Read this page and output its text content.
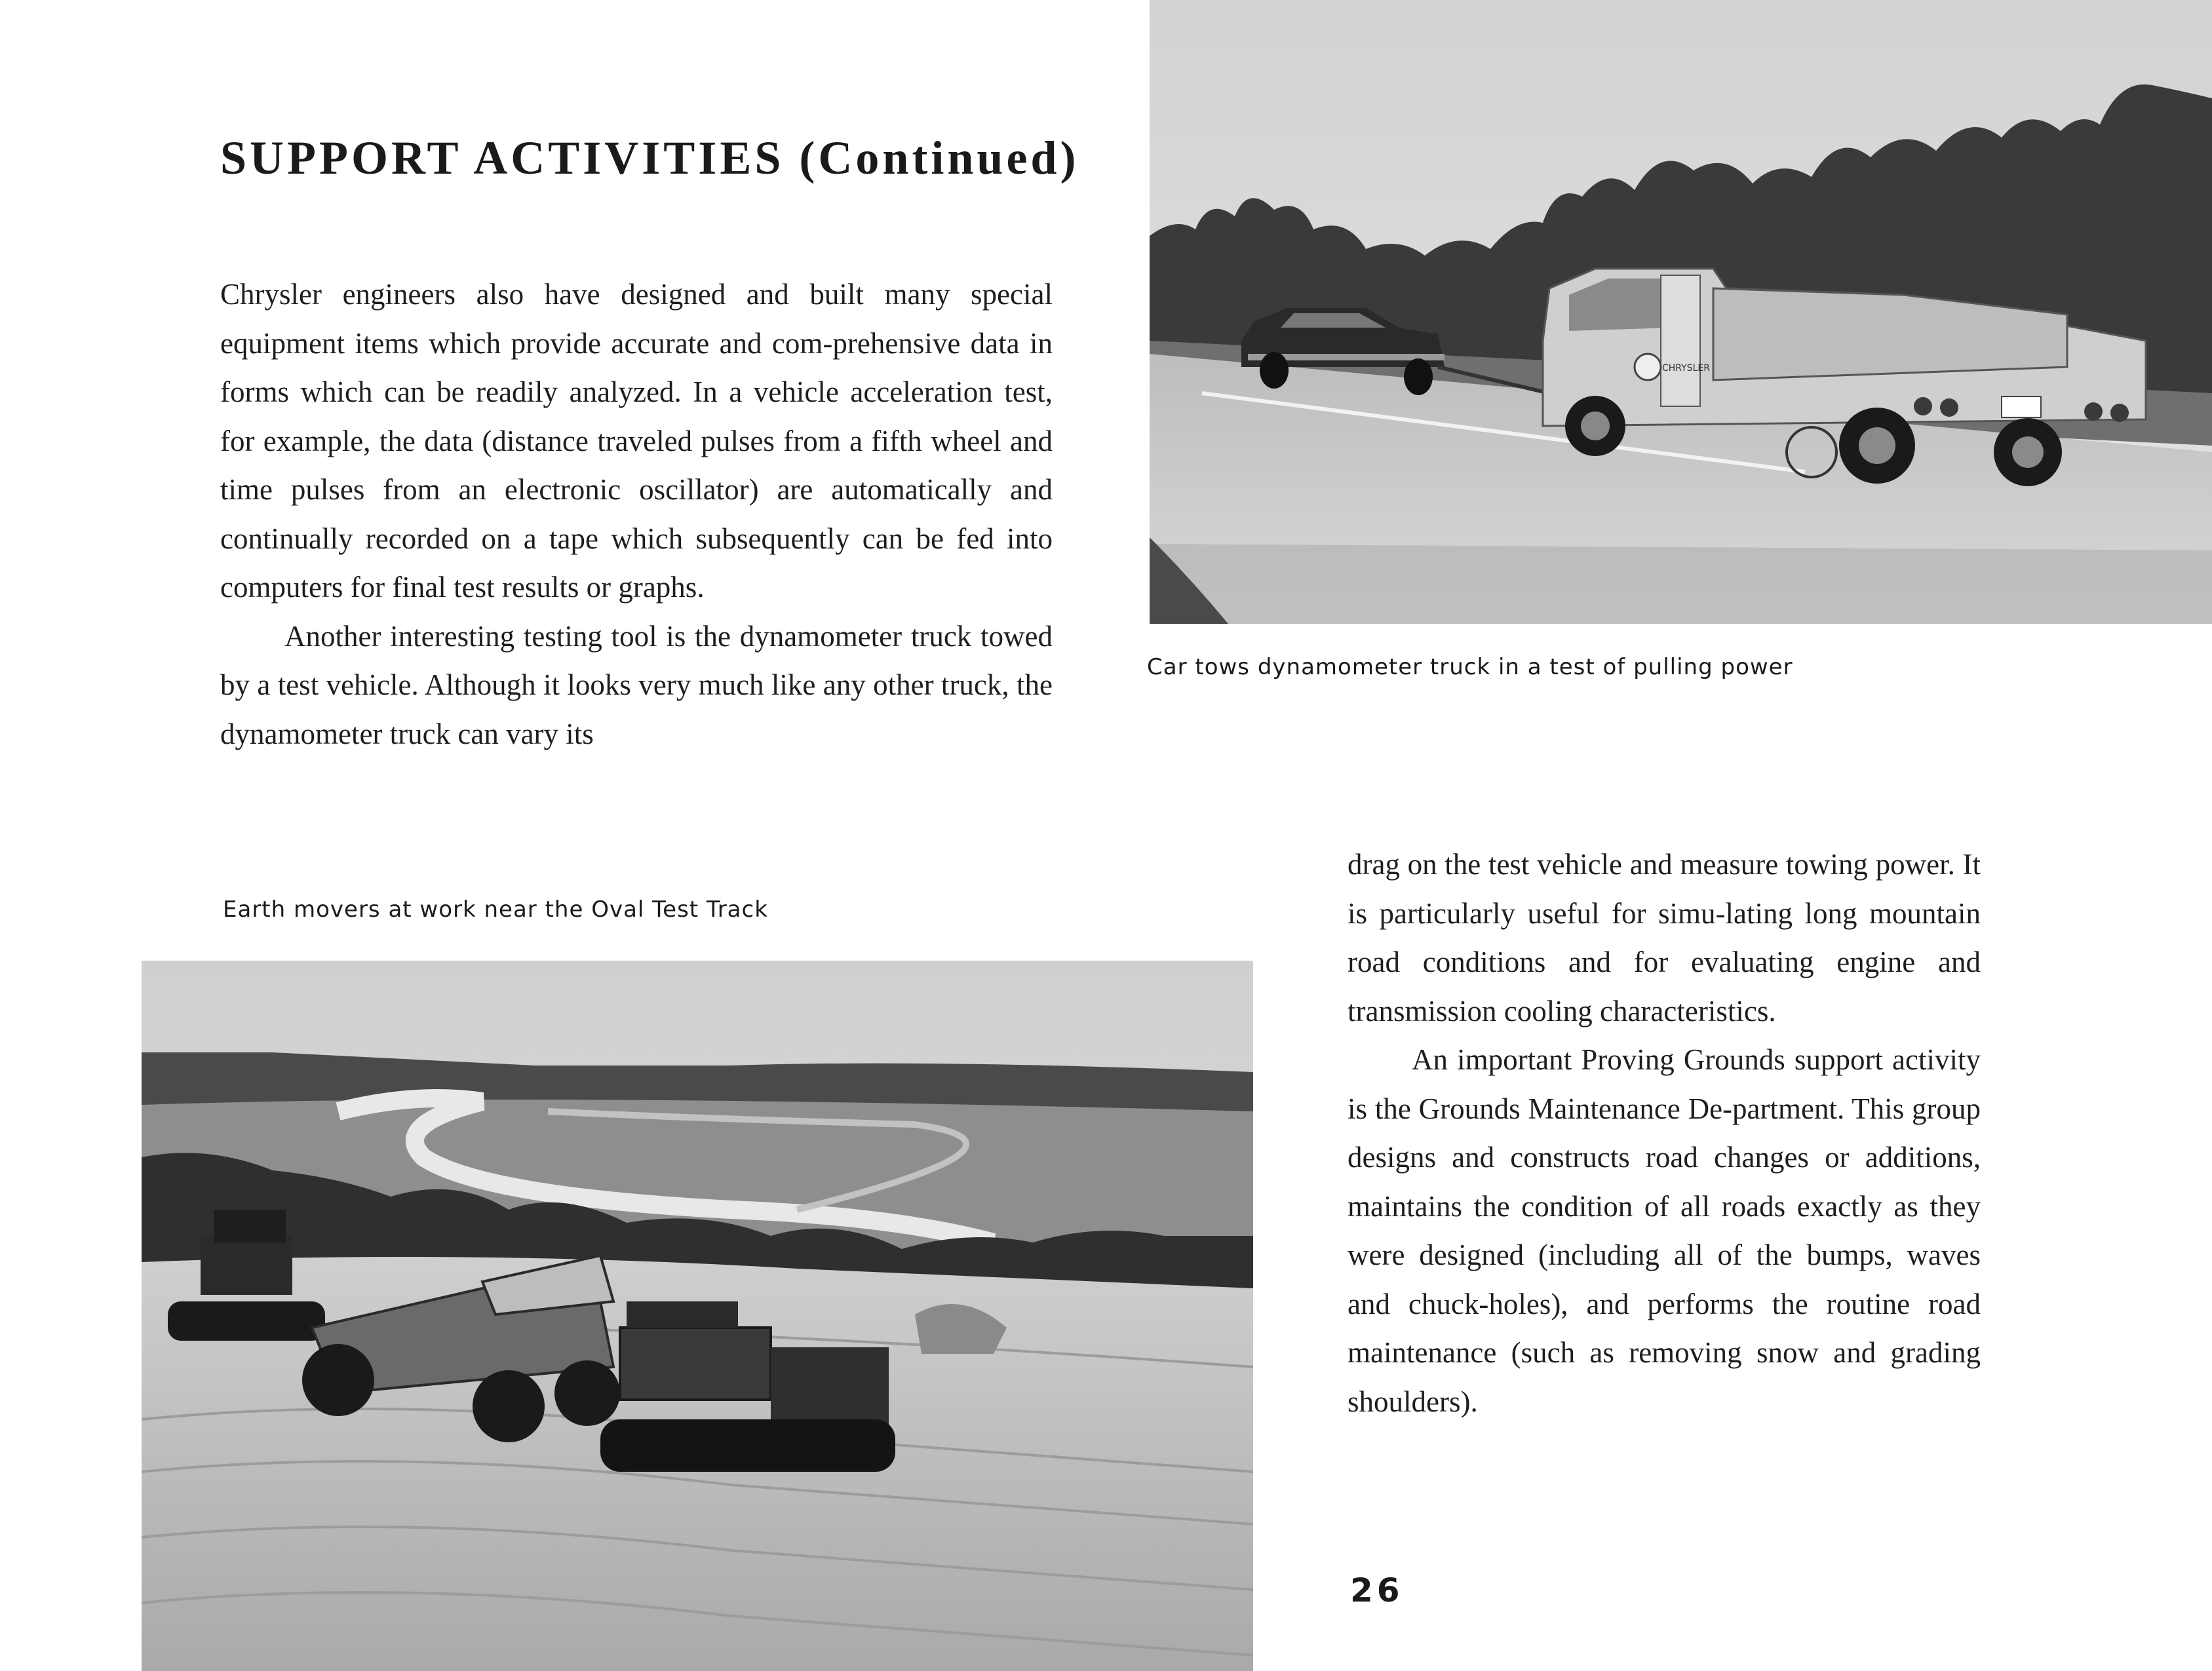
SUPPORT ACTIVITIES (Continued)

Chrysler engineers also have designed and built many special equipment items which provide accurate and com-prehensive data in forms which can be readily analyzed. In a vehicle acceleration test, for example, the data (distance traveled pulses from a fifth wheel and time pulses from an electronic oscillator) are automatically and continually recorded on a tape which subsequently can be fed into computers for final test results or graphs.

Another interesting testing tool is the dynamometer truck towed by a test vehicle. Although it looks very much like any other truck, the dynamometer truck can vary its

CHRYSLER

Car tows dynamometer truck in a test of pulling power

Earth movers at work near the Oval Test Track

drag on the test vehicle and measure towing power. It is particularly useful for simu-lating long mountain road conditions and for evaluating engine and transmission cooling characteristics.

An important Proving Grounds support activity is the Grounds Maintenance De-partment. This group designs and constructs road changes or additions, maintains the condition of all roads exactly as they were designed (including all of the bumps, waves and chuck-holes), and performs the routine road maintenance (such as removing snow and grading shoulders).

26
